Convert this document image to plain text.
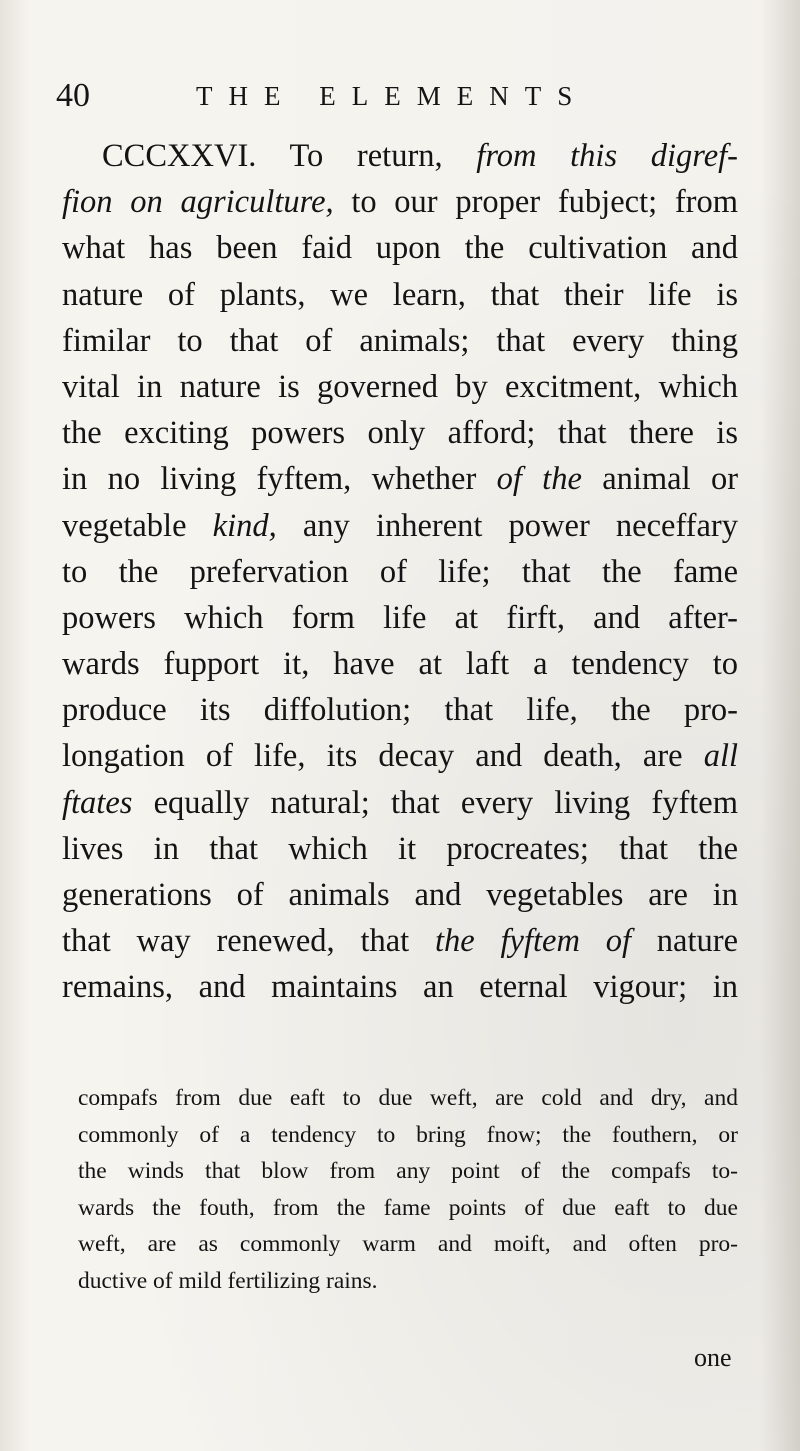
40	THE ELEMENTS
CCCXXVI. To return, from this digref-
fion on agriculture, to our proper fubject; from
what has been faid upon the cultivation and
nature of plants, we learn, that their life is
fimilar to that of animals; that every thing
vital in nature is governed by excitment, which
the exciting powers only afford; that there is
in no living fyftem, whether of the animal or
vegetable kind, any inherent power neceffary
to the prefervation of life; that the fame
powers which form life at firft, and after-
wards fupport it, have at laft a tendency to
produce its diffolution; that life, the pro-
longation of life, its decay and death, are all
ftates equally natural; that every living fyftem
lives in that which it procreates; that the
generations of animals and vegetables are in
that way renewed, that the fyftem of nature
remains, and maintains an eternal vigour; in
compafs from due eaft to due weft, are cold and dry, and
commonly of a tendency to bring fnow; the fouthern, or
the winds that blow from any point of the compafs to-
wards the fouth, from the fame points of due eaft to due
weft, are as commonly warm and moift, and often pro-
ductive of mild fertilizing rains.
one
